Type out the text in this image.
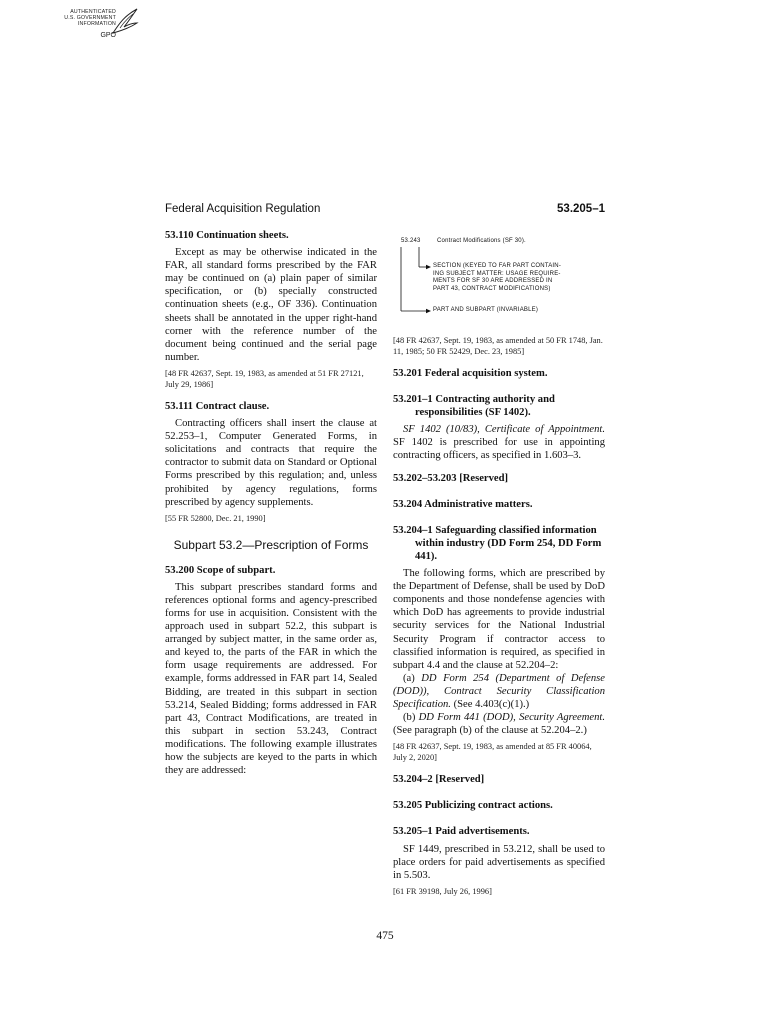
AUTHENTICATED
U.S. GOVERNMENT
INFORMATION
GPO
Federal Acquisition Regulation	53.205–1
53.110 Continuation sheets.

Except as may be otherwise indicated in the FAR, all standard forms prescribed by the FAR may be continued on (a) plain paper of similar specification, or (b) specially constructed continuation sheets (e.g., OF 336). Continuation sheets shall be annotated in the upper right-hand corner with the reference number of the document being continued and the serial page number.

[48 FR 42637, Sept. 19, 1983, as amended at 51 FR 27121, July 29, 1986]
53.111 Contract clause.

Contracting officers shall insert the clause at 52.253–1, Computer Generated Forms, in solicitations and contracts that require the contractor to submit data on Standard or Optional Forms prescribed by this regulation; and, unless prohibited by agency regulations, forms prescribed by agency supplements.

[55 FR 52800, Dec. 21, 1990]
Subpart 53.2—Prescription of Forms
53.200 Scope of subpart.

This subpart prescribes standard forms and references optional forms and agency-prescribed forms for use in acquisition. Consistent with the approach used in subpart 52.2, this subpart is arranged by subject matter, in the same order as, and keyed to, the parts of the FAR in which the form usage requirements are addressed. For example, forms addressed in FAR part 14, Sealed Bidding, are treated in this subpart in section 53.214, Sealed Bidding; forms addressed in FAR part 43, Contract Modifications, are treated in this subpart in section 53.243, Contract modifications. The following example illustrates how the subjects are keyed to the parts in which they are addressed:

53.243	Contract Modifications (SF 30).
SECTION (KEYED TO FAR PART CONTAIN-
ING SUBJECT MATTER: USAGE REQUIRE-
MENTS FOR SF 30 ARE ADDRESSED IN
PART 43, CONTRACT MODIFICATIONS)
PART AND SUBPART (INVARIABLE)
[48 FR 42637, Sept. 19, 1983, as amended at 50 FR 1748, Jan. 11, 1985; 50 FR 52429, Dec. 23, 1985]
53.201 Federal acquisition system.
53.201–1 Contracting authority and responsibilities (SF 1402).

SF 1402 (10/83), Certificate of Appointment. SF 1402 is prescribed for use in appointing contracting officers, as specified in 1.603–3.

53.202–53.203 [Reserved]
53.204 Administrative matters.
53.204–1 Safeguarding classified information within industry (DD Form 254, DD Form 441).

The following forms, which are prescribed by the Department of Defense, shall be used by DoD components and those nondefense agencies with which DoD has agreements to provide industrial security services for the National Industrial Security Program if contractor access to classified information is required, as specified in subpart 4.4 and the clause at 52.204–2:

(a) DD Form 254 (Department of Defense (DOD)), Contract Security Classification Specification. (See 4.403(c)(1).)

(b) DD Form 441 (DOD), Security Agreement. (See paragraph (b) of the clause at 52.204–2.)

[48 FR 42637, Sept. 19, 1983, as amended at 85 FR 40064, July 2, 2020]
53.204–2 [Reserved]
53.205 Publicizing contract actions.
53.205–1 Paid advertisements.

SF 1449, prescribed in 53.212, shall be used to place orders for paid advertisements as specified in 5.503.

[61 FR 39198, July 26, 1996]
475
